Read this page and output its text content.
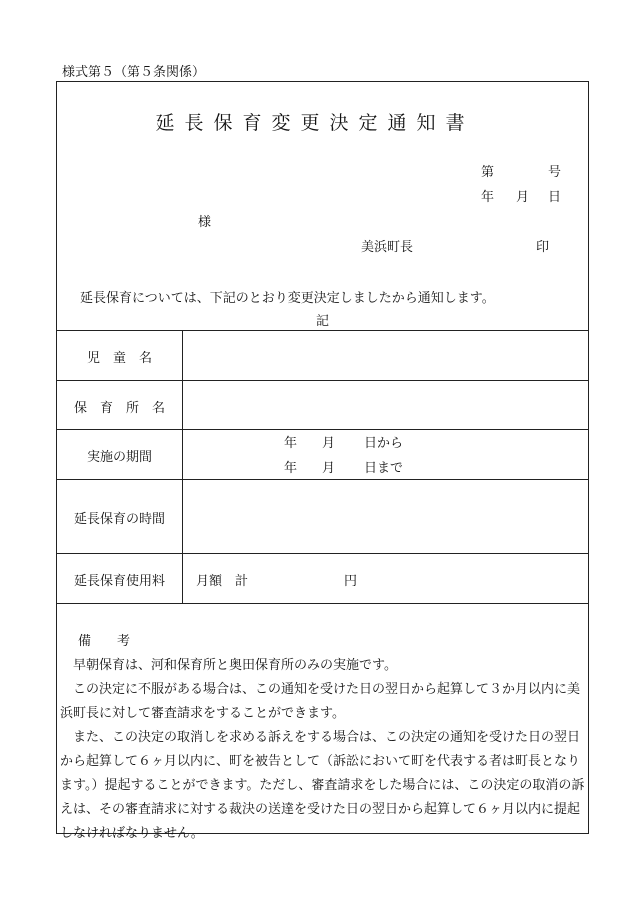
様式第５（第５条関係）
延長保育変更決定通知書
第	号
年 月 日
様
美浜町長	印
延長保育については、下記のとおり変更決定しましたから通知します。
記
児　童　名
保　育　所　名
実施の期間
年 月 日から
年 月 日まで
延長保育の時間
延長保育使用料	月額　計	円
備　　考

早朝保育は、河和保育所と奥田保育所のみの実施です。

この決定に不服がある場合は、この通知を受けた日の翌日から起算して３か月以内に美浜町長に対して審査請求をすることができます。

また、この決定の取消しを求める訴えをする場合は、この決定の通知を受けた日の翌日から起算して６ヶ月以内に、町を被告として（訴訟において町を代表する者は町長となります。）提起することができます。ただし、審査請求をした場合には、この決定の取消の訴えは、その審査請求に対する裁決の送達を受けた日の翌日から起算して６ヶ月以内に提起しなければなりません。
